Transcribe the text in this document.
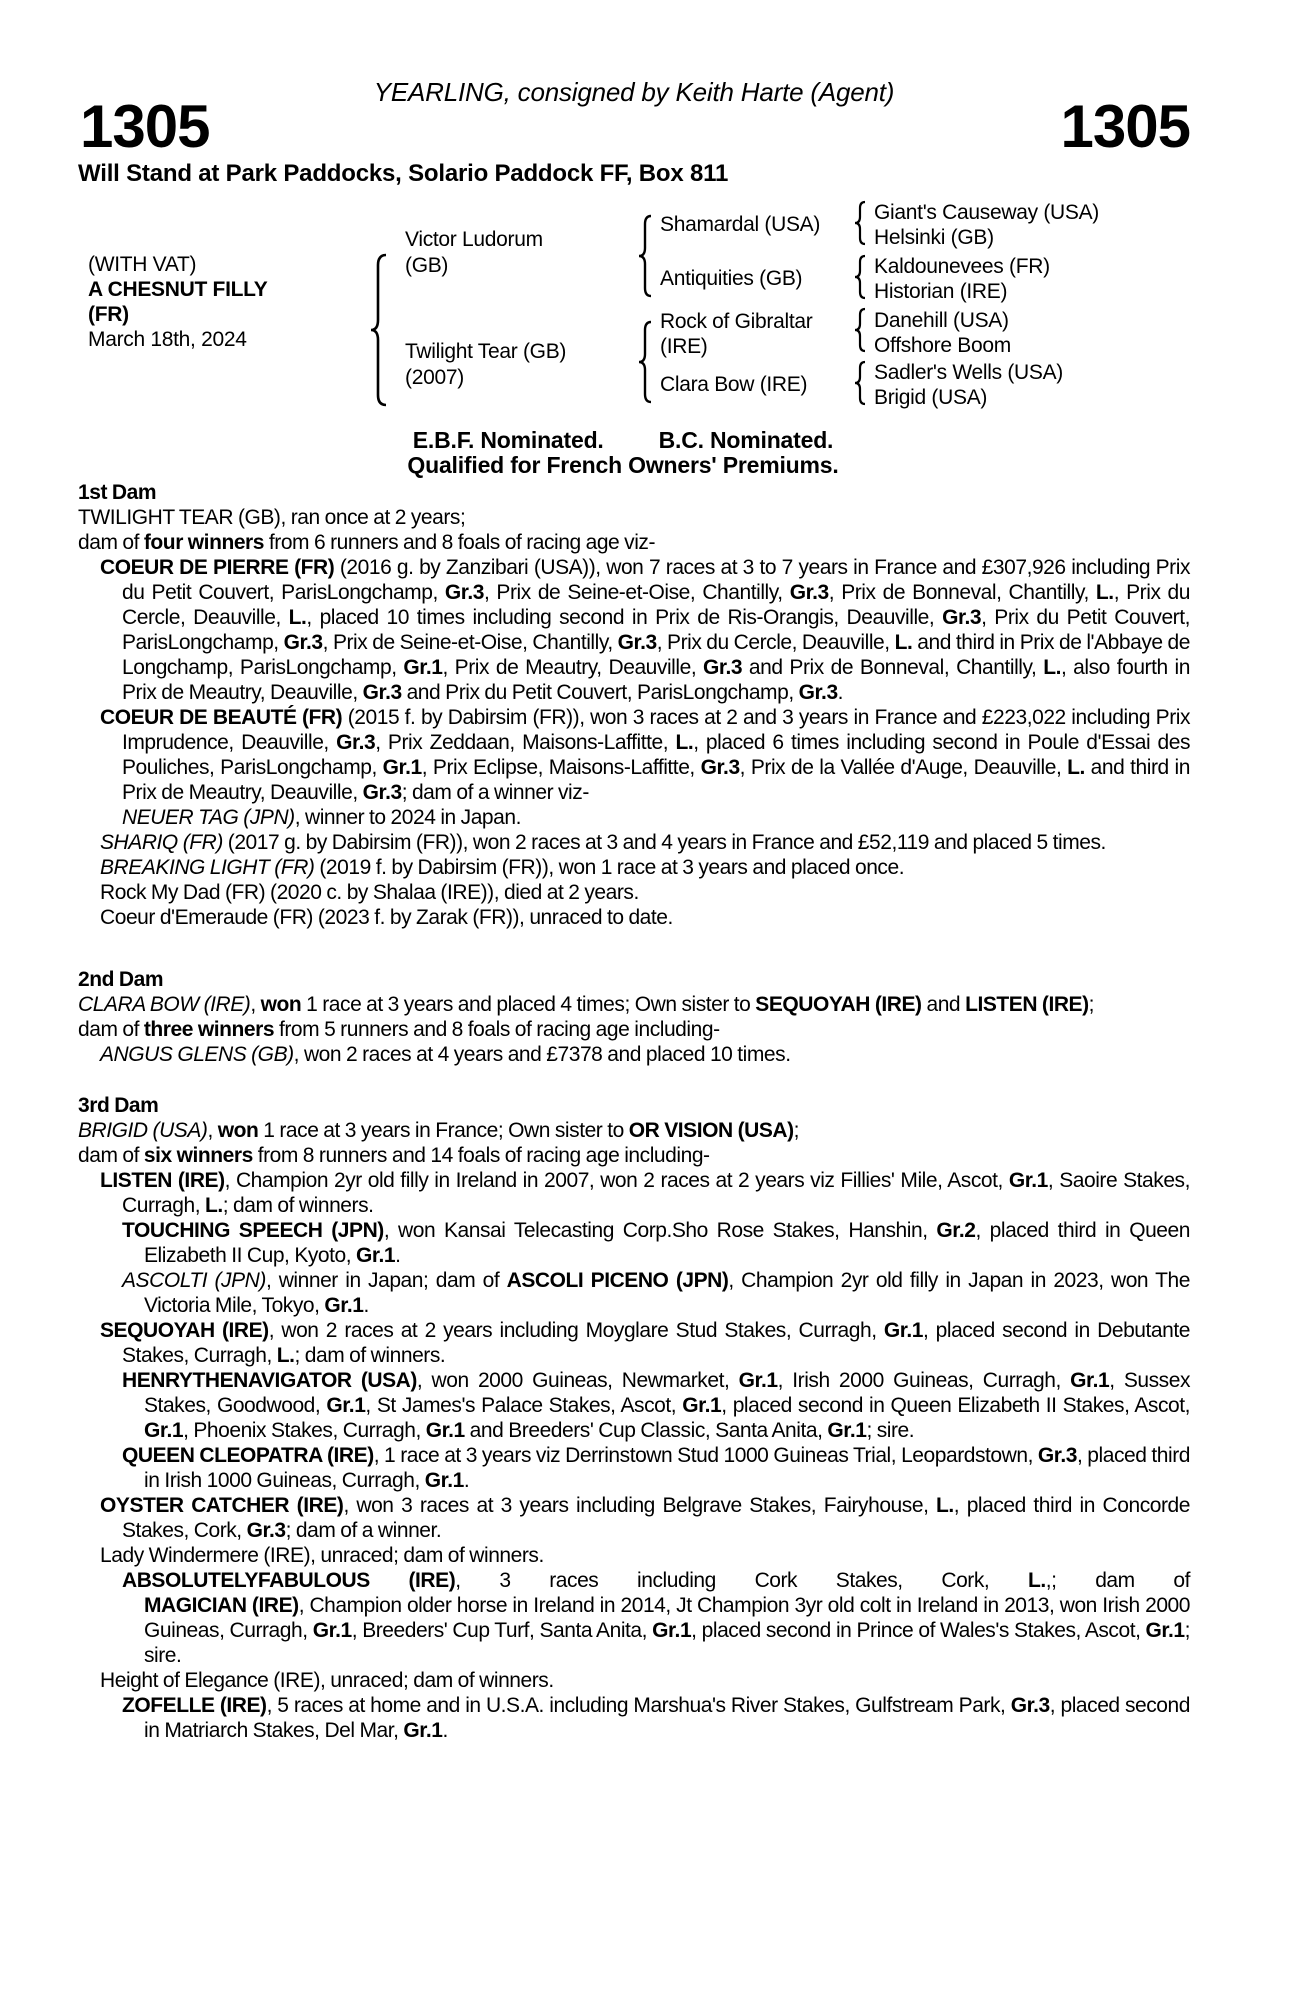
YEARLING, consigned by Keith Harte (Agent)
1305	1305
Will Stand at Park Paddocks, Solario Paddock FF, Box 811
(WITH VAT)
A CHESNUT FILLY
(FR)
March 18th, 2024
Victor Ludorum
(GB)
Twilight Tear (GB)
(2007)
Shamardal (USA)
Antiquities (GB)
Rock of Gibraltar
(IRE)
Clara Bow (IRE)
Giant's Causeway (USA)
Helsinki (GB)
Kaldounevees (FR)
Historian (IRE)
Danehill (USA)
Offshore Boom
Sadler's Wells (USA)
Brigid (USA)
E.B.F. Nominated. B.C. Nominated.
Qualified for French Owners' Premiums.
1st Dam

TWILIGHT TEAR (GB), ran once at 2 years;

dam of four winners from 6 runners and 8 foals of racing age viz-

COEUR DE PIERRE (FR) (2016 g. by Zanzibari (USA)), won 7 races at 3 to 7 years in France and £307,926 including Prix du Petit Couvert, ParisLongchamp, Gr.3, Prix de Seine-et-Oise, Chantilly, Gr.3, Prix de Bonneval, Chantilly, L., Prix du Cercle, Deauville, L., placed 10 times including second in Prix de Ris-Orangis, Deauville, Gr.3, Prix du Petit Couvert, ParisLongchamp, Gr.3, Prix de Seine-et-Oise, Chantilly, Gr.3, Prix du Cercle, Deauville, L. and third in Prix de l'Abbaye de Longchamp, ParisLongchamp, Gr.1, Prix de Meautry, Deauville, Gr.3 and Prix de Bonneval, Chantilly, L., also fourth in Prix de Meautry, Deauville, Gr.3 and Prix du Petit Couvert, ParisLongchamp, Gr.3.

COEUR DE BEAUTÉ (FR) (2015 f. by Dabirsim (FR)), won 3 races at 2 and 3 years in France and £223,022 including Prix Imprudence, Deauville, Gr.3, Prix Zeddaan, Maisons-Laffitte, L., placed 6 times including second in Poule d'Essai des Pouliches, ParisLongchamp, Gr.1, Prix Eclipse, Maisons-Laffitte, Gr.3, Prix de la Vallée d'Auge, Deauville, L. and third in Prix de Meautry, Deauville, Gr.3; dam of a winner viz-

NEUER TAG (JPN), winner to 2024 in Japan.

SHARIQ (FR) (2017 g. by Dabirsim (FR)), won 2 races at 3 and 4 years in France and £52,119 and placed 5 times.

BREAKING LIGHT (FR) (2019 f. by Dabirsim (FR)), won 1 race at 3 years and placed once.

Rock My Dad (FR) (2020 c. by Shalaa (IRE)), died at 2 years.

Coeur d'Emeraude (FR) (2023 f. by Zarak (FR)), unraced to date.

2nd Dam

CLARA BOW (IRE), won 1 race at 3 years and placed 4 times; Own sister to SEQUOYAH (IRE) and LISTEN (IRE);

dam of three winners from 5 runners and 8 foals of racing age including-

ANGUS GLENS (GB), won 2 races at 4 years and £7378 and placed 10 times.

3rd Dam

BRIGID (USA), won 1 race at 3 years in France; Own sister to OR VISION (USA);

dam of six winners from 8 runners and 14 foals of racing age including-

LISTEN (IRE), Champion 2yr old filly in Ireland in 2007, won 2 races at 2 years viz Fillies' Mile, Ascot, Gr.1, Saoire Stakes, Curragh, L.; dam of winners.

TOUCHING SPEECH (JPN), won Kansai Telecasting Corp.Sho Rose Stakes, Hanshin, Gr.2, placed third in Queen Elizabeth II Cup, Kyoto, Gr.1.

ASCOLTI (JPN), winner in Japan; dam of ASCOLI PICENO (JPN), Champion 2yr old filly in Japan in 2023, won The Victoria Mile, Tokyo, Gr.1.

SEQUOYAH (IRE), won 2 races at 2 years including Moyglare Stud Stakes, Curragh, Gr.1, placed second in Debutante Stakes, Curragh, L.; dam of winners.

HENRYTHENAVIGATOR (USA), won 2000 Guineas, Newmarket, Gr.1, Irish 2000 Guineas, Curragh, Gr.1, Sussex Stakes, Goodwood, Gr.1, St James's Palace Stakes, Ascot, Gr.1, placed second in Queen Elizabeth II Stakes, Ascot, Gr.1, Phoenix Stakes, Curragh, Gr.1 and Breeders' Cup Classic, Santa Anita, Gr.1; sire.

QUEEN CLEOPATRA (IRE), 1 race at 3 years viz Derrinstown Stud 1000 Guineas Trial, Leopardstown, Gr.3, placed third in Irish 1000 Guineas, Curragh, Gr.1.

OYSTER CATCHER (IRE), won 3 races at 3 years including Belgrave Stakes, Fairyhouse, L., placed third in Concorde Stakes, Cork, Gr.3; dam of a winner.

Lady Windermere (IRE), unraced; dam of winners.

ABSOLUTELYFABULOUS (IRE), 3 races including Cork Stakes, Cork, L.,; dam of

MAGICIAN (IRE), Champion older horse in Ireland in 2014, Jt Champion 3yr old colt in Ireland in 2013, won Irish 2000 Guineas, Curragh, Gr.1, Breeders' Cup Turf, Santa Anita, Gr.1, placed second in Prince of Wales's Stakes, Ascot, Gr.1; sire.

Height of Elegance (IRE), unraced; dam of winners.

ZOFELLE (IRE), 5 races at home and in U.S.A. including Marshua's River Stakes, Gulfstream Park, Gr.3, placed second in Matriarch Stakes, Del Mar, Gr.1.
